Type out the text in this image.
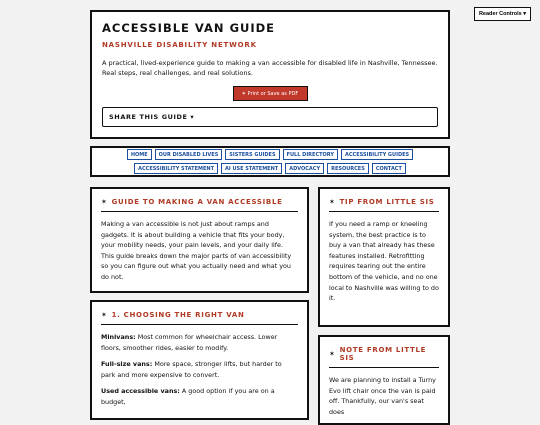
Reader Controls ▾
ACCESSIBLE VAN GUIDE
NASHVILLE DISABILITY NETWORK

A practical, lived-experience guide to making a van accessible for disabled life in Nashville, Tennessee. Real steps, real challenges, and real solutions.

✶ Print or Save as PDF
SHARE THIS GUIDE ▾
HOME	OUR DISABLED LIVES	SISTERS GUIDES	FULL DIRECTORY	ACCESSIBILITY GUIDES
ACCESSIBILITY STATEMENT	AI USE STATEMENT	ADVOCACY	RESOURCES	CONTACT
✶ GUIDE TO MAKING A VAN ACCESSIBLE

Making a van accessible is not just about ramps and gadgets. It is about building a vehicle that fits your body, your mobility needs, your pain levels, and your daily life. This guide breaks down the major parts of van accessibility so you can figure out what you actually need and what you do not.

✶ 1. CHOOSING THE RIGHT VAN

Minivans: Most common for wheelchair access. Lower floors, smoother rides, easier to modify.

Full-size vans: More space, stronger lifts, but harder to park and more expensive to convert.

Used accessible vans: A good option if you are on a budget,

✶ TIP FROM LITTLE SIS

If you need a ramp or kneeling system, the best practice is to buy a van that already has these features installed. Retrofitting requires tearing out the entire bottom of the vehicle, and no one local to Nashville was willing to do it.

✶ NOTE FROM LITTLE SIS

We are planning to install a Turny Evo lift chair once the van is paid off. Thankfully, our van's seat does
